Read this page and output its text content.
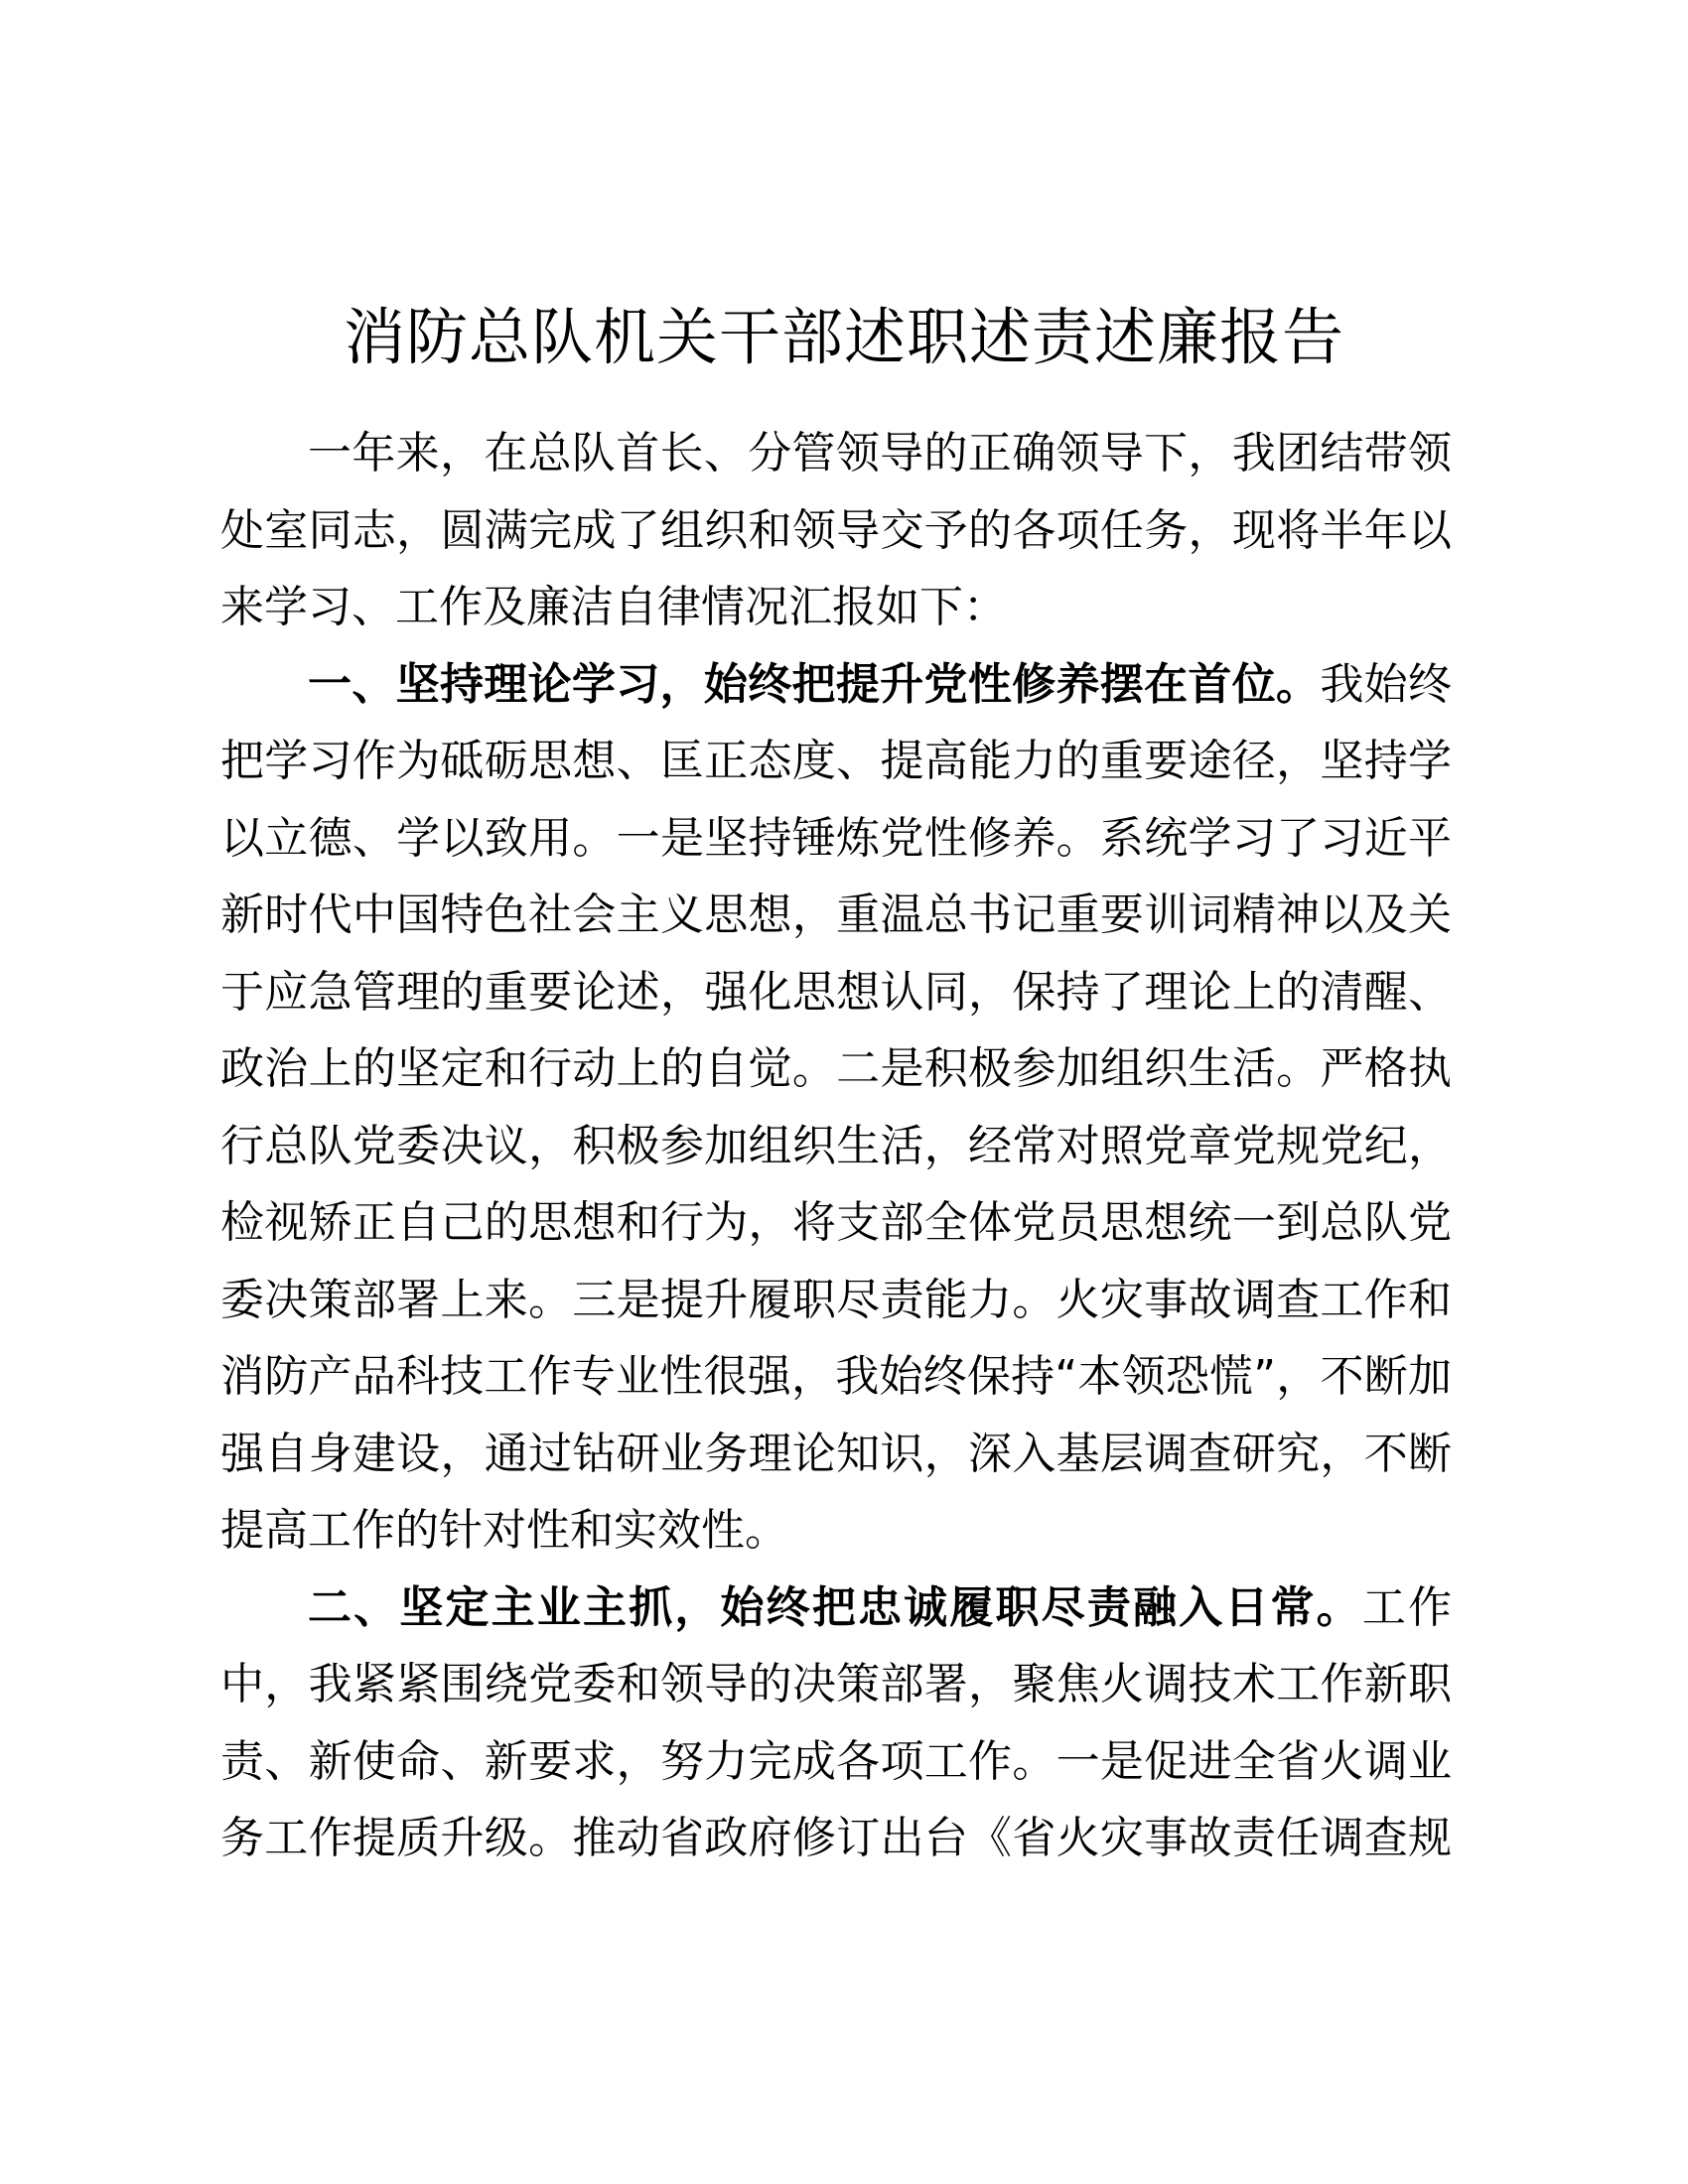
消防总队机关干部述职述责述廉报告
一年来，在总队首长、分管领导的正确领导下，我团结带领
处室同志，圆满完成了组织和领导交予的各项任务，现将半年以
来学习、工作及廉洁自律情况汇报如下：
一、坚持理论学习，始终把提升党性修养摆在首位。我始终
把学习作为砥砺思想、匡正态度、提高能力的重要途径，坚持学
以立德、学以致用。一是坚持锤炼党性修养。系统学习了习近平
新时代中国特色社会主义思想，重温总书记重要训词精神以及关
于应急管理的重要论述，强化思想认同，保持了理论上的清醒、
政治上的坚定和行动上的自觉。二是积极参加组织生活。严格执
行总队党委决议，积极参加组织生活，经常对照党章党规党纪，
检视矫正自己的思想和行为，将支部全体党员思想统一到总队党
委决策部署上来。三是提升履职尽责能力。火灾事故调查工作和
消防产品科技工作专业性很强，我始终保持“本领恐慌”，不断加
强自身建设，通过钻研业务理论知识，深入基层调查研究，不断
提高工作的针对性和实效性。
二、坚定主业主抓，始终把忠诚履职尽责融入日常。工作
中，我紧紧围绕党委和领导的决策部署，聚焦火调技术工作新职
责、新使命、新要求，努力完成各项工作。一是促进全省火调业
务工作提质升级。推动省政府修订出台《省火灾事故责任调查规
